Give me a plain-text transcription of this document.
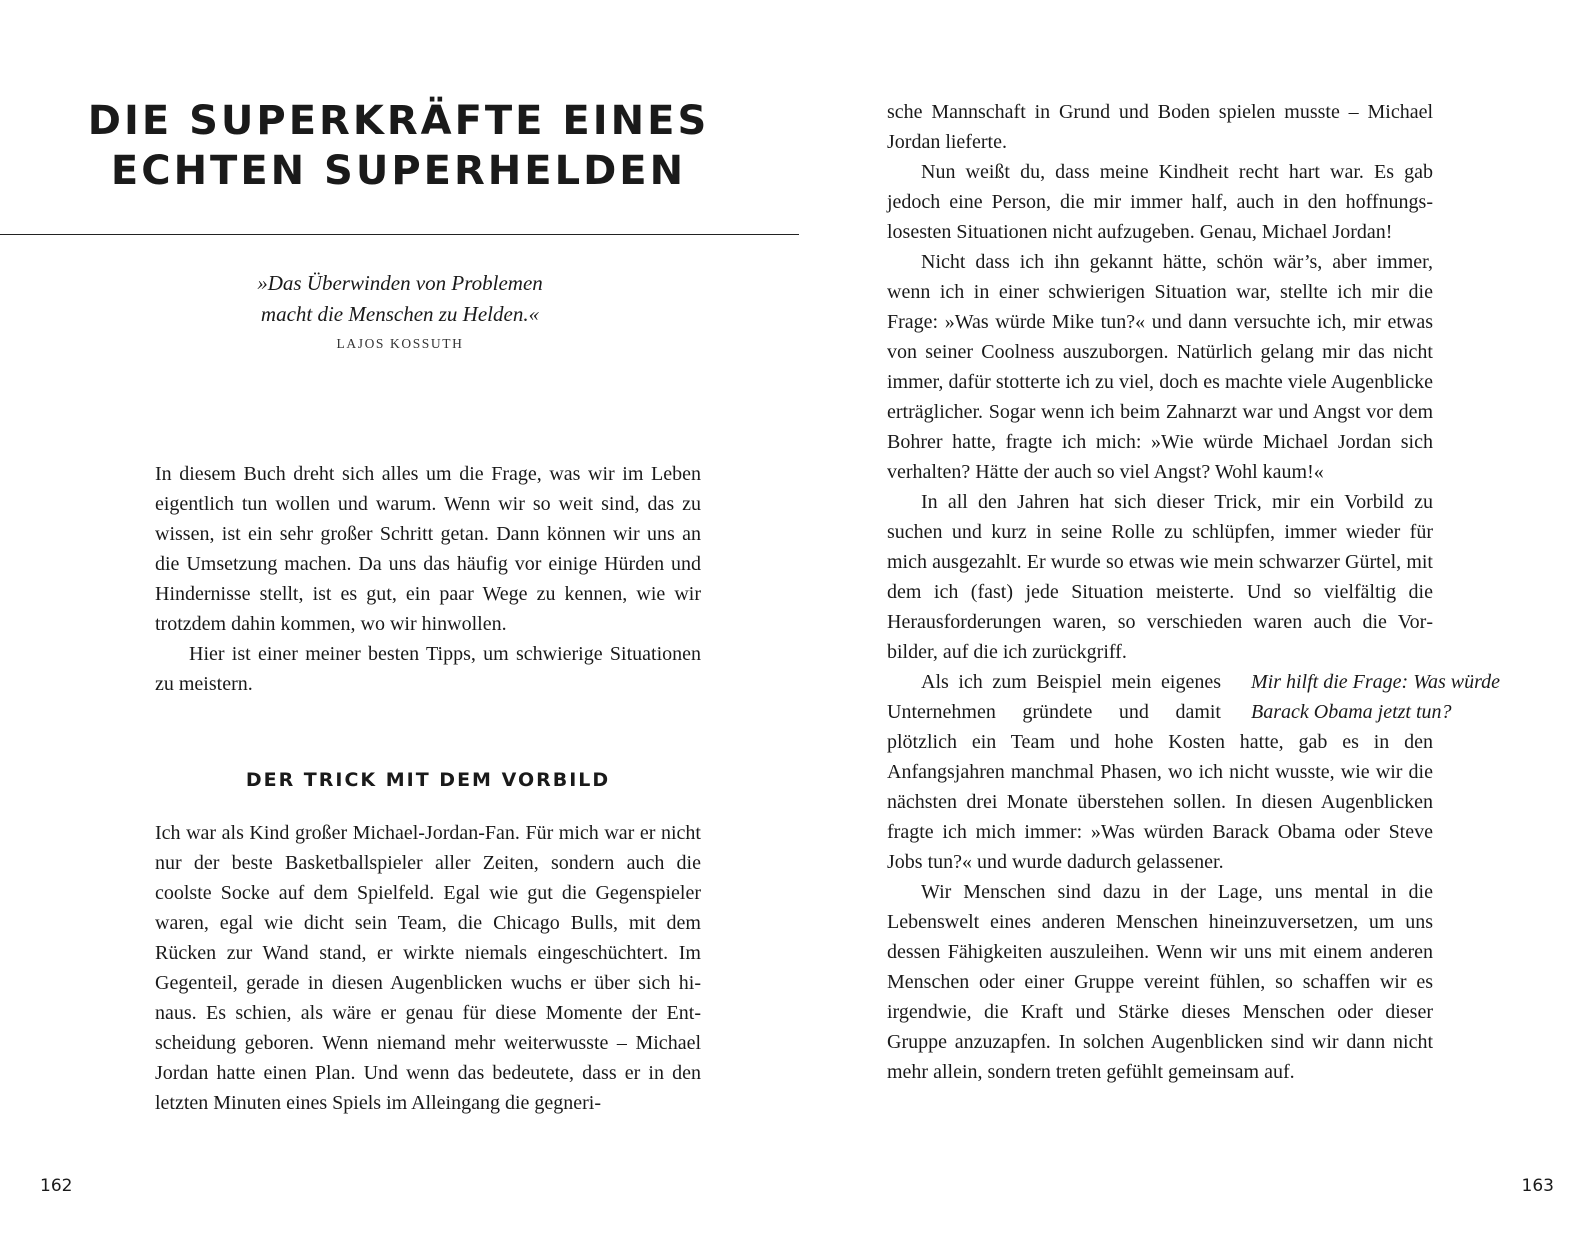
DIE SUPERKRÄFTE EINES ECHTEN SUPERHELDEN
»Das Überwinden von Problemen
macht die Menschen zu Helden.«
LAJOS KOSSUTH

In diesem Buch dreht sich alles um die Frage, was wir im Leben eigentlich tun wollen und warum. Wenn wir so weit sind, das zu wissen, ist ein sehr großer Schritt getan. Dann können wir uns an die Umsetzung machen. Da uns das häufig vor einige Hürden und Hindernisse stellt, ist es gut, ein paar Wege zu kennen, wie wir trotzdem dahin kommen, wo wir hinwollen.

Hier ist einer meiner besten Tipps, um schwierige Situationen zu meistern.

DER TRICK MIT DEM VORBILD

Ich war als Kind großer Michael-Jordan-Fan. Für mich war er nicht nur der beste Basketballspieler aller Zeiten, sondern auch die coolste Socke auf dem Spielfeld. Egal wie gut die Gegenspieler waren, egal wie dicht sein Team, die Chicago Bulls, mit dem Rücken zur Wand stand, er wirkte niemals eingeschüchtert. Im Gegenteil, gerade in diesen Augenblicken wuchs er über sich hinaus. Es schien, als wäre er genau für diese Momente der Entscheidung geboren. Wenn niemand mehr weiterwusste – Michael Jordan hatte einen Plan. Und wenn das bedeutete, dass er in den letzten Minuten eines Spiels im Alleingang die gegneri-

162

sche Mannschaft in Grund und Boden spielen musste – Michael Jordan lieferte.

Nun weißt du, dass meine Kindheit recht hart war. Es gab jedoch eine Person, die mir immer half, auch in den hoffnungslosesten Situationen nicht aufzugeben. Genau, Michael Jordan!

Nicht dass ich ihn gekannt hätte, schön wär’s, aber immer, wenn ich in einer schwierigen Situation war, stellte ich mir die Frage: »Was würde Mike tun?« und dann versuchte ich, mir etwas von seiner Coolness auszuborgen. Natürlich gelang mir das nicht immer, dafür stotterte ich zu viel, doch es machte viele Augenblicke erträglicher. Sogar wenn ich beim Zahnarzt war und Angst vor dem Bohrer hatte, fragte ich mich: »Wie würde Michael Jordan sich verhalten? Hätte der auch so viel Angst? Wohl kaum!«

In all den Jahren hat sich dieser Trick, mir ein Vorbild zu suchen und kurz in seine Rolle zu schlüpfen, immer wieder für mich ausgezahlt. Er wurde so etwas wie mein schwarzer Gürtel, mit dem ich (fast) jede Situation meisterte. Und so vielfältig die Herausforderungen waren, so verschieden waren auch die Vorbilder, auf die ich zurückgriff.

Mir hilft die Frage: Was würde Barack Obama jetzt tun?

Als ich zum Beispiel mein eigenes Unternehmen gründete und damit plötzlich ein Team und hohe Kosten hatte, gab es in den Anfangsjahren manchmal Phasen, wo ich nicht wusste, wie wir die nächsten drei Monate überstehen sollen. In diesen Augenblicken fragte ich mich immer: »Was würden Barack Obama oder Steve Jobs tun?« und wurde dadurch gelassener.

Wir Menschen sind dazu in der Lage, uns mental in die Lebenswelt eines anderen Menschen hineinzuversetzen, um uns dessen Fähigkeiten auszuleihen. Wenn wir uns mit einem anderen Menschen oder einer Gruppe vereint fühlen, so schaffen wir es irgendwie, die Kraft und Stärke dieses Menschen oder dieser Gruppe anzuzapfen. In solchen Augenblicken sind wir dann nicht mehr allein, sondern treten gefühlt gemeinsam auf.

163
